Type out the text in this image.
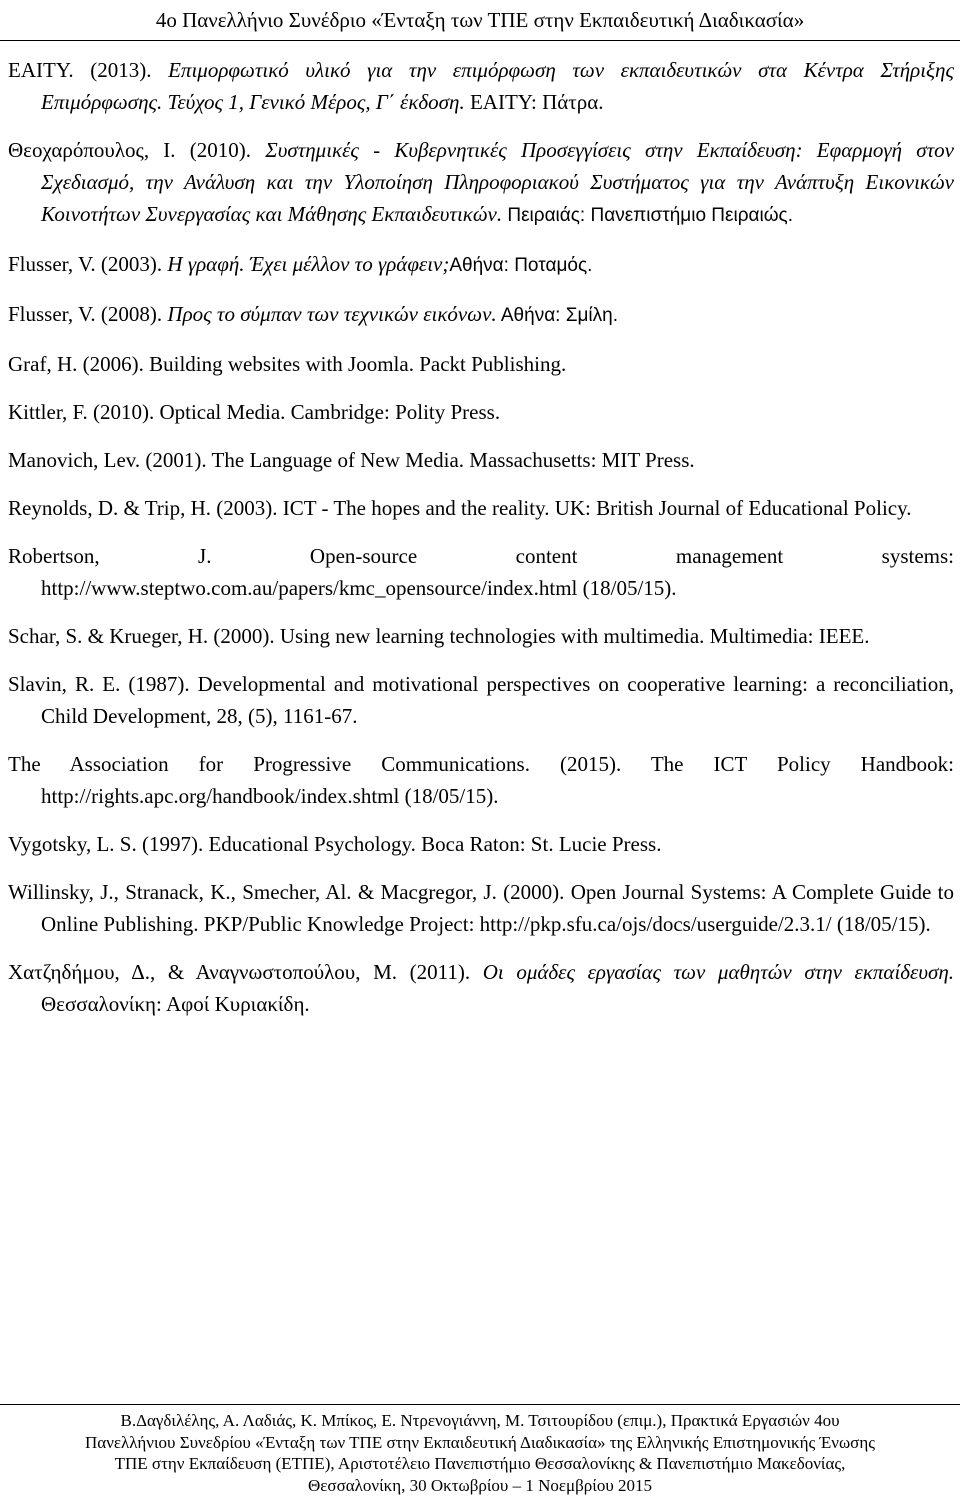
4ο Πανελλήνιο Συνέδριο «Ένταξη των ΤΠΕ στην Εκπαιδευτική Διαδικασία»

ΕΑΙΤΥ. (2013). Επιμορφωτικό υλικό για την επιμόρφωση των εκπαιδευτικών στα Κέντρα Στήριξης Επιμόρφωσης. Τεύχος 1, Γενικό Μέρος, Γ΄ έκδοση. ΕΑΙΤΥ: Πάτρα.

Θεοχαρόπουλος, Ι. (2010). Συστημικές - Κυβερνητικές Προσεγγίσεις στην Εκπαίδευση: Εφαρμογή στον Σχεδιασμό, την Ανάλυση και την Υλοποίηση Πληροφοριακού Συστήματος για την Ανάπτυξη Εικονικών Κοινοτήτων Συνεργασίας και Μάθησης Εκπαιδευτικών. Πειραιάς: Πανεπιστήμιο Πειραιώς.

Flusser, V. (2003). Η γραφή. Έχει μέλλον το γράφειν;Αθήνα: Ποταμός.

Flusser, V. (2008). Προς το σύμπαν των τεχνικών εικόνων. Αθήνα: Σμίλη.

Graf, H. (2006). Building websites with Joomla. Packt Publishing.

Kittler, F. (2010). Optical Media. Cambridge: Polity Press.

Manovich, Lev. (2001). The Language of New Media. Massachusetts: MIT Press.

Reynolds, D. & Trip, H. (2003). ICT - The hopes and the reality. UK: British Journal of Educational Policy.

Robertson, J. Open-source content management systems: http://www.steptwo.com.au/papers/kmc_opensource/index.html (18/05/15).

Schar, S. & Krueger, H. (2000). Using new learning technologies with multimedia. Multimedia: IEEE.

Slavin, R. E. (1987). Developmental and motivational perspectives on cooperative learning: a reconciliation, Child Development, 28, (5), 1161-67.

The Association for Progressive Communications. (2015). The ICT Policy Handbook: http://rights.apc.org/handbook/index.shtml (18/05/15).

Vygotsky, L. S. (1997). Educational Psychology. Boca Raton: St. Lucie Press.

Willinsky, J., Stranack, K., Smecher, Al. & Macgregor, J. (2000). Open Journal Systems: A Complete Guide to Online Publishing. PKP/Public Knowledge Project: http://pkp.sfu.ca/ojs/docs/userguide/2.3.1/ (18/05/15).

Χατζηδήμου, Δ., & Αναγνωστοπούλου, Μ. (2011). Οι ομάδες εργασίας των μαθητών στην εκπαίδευση. Θεσσαλονίκη: Αφοί Κυριακίδη.

Β.Δαγδιλέλης, Α. Λαδιάς, Κ. Μπίκος, Ε. Ντρενογιάννη, Μ. Τσιτουρίδου (επιμ.), Πρακτικά Εργασιών 4ου
Πανελλήνιου Συνεδρίου «Ένταξη των ΤΠΕ στην Εκπαιδευτική Διαδικασία» της Ελληνικής Επιστημονικής Ένωσης
ΤΠΕ στην Εκπαίδευση (ΕΤΠΕ), Αριστοτέλειο Πανεπιστήμιο Θεσσαλονίκης & Πανεπιστήμιο Μακεδονίας,
Θεσσαλονίκη, 30 Οκτωβρίου – 1 Νοεμβρίου 2015
